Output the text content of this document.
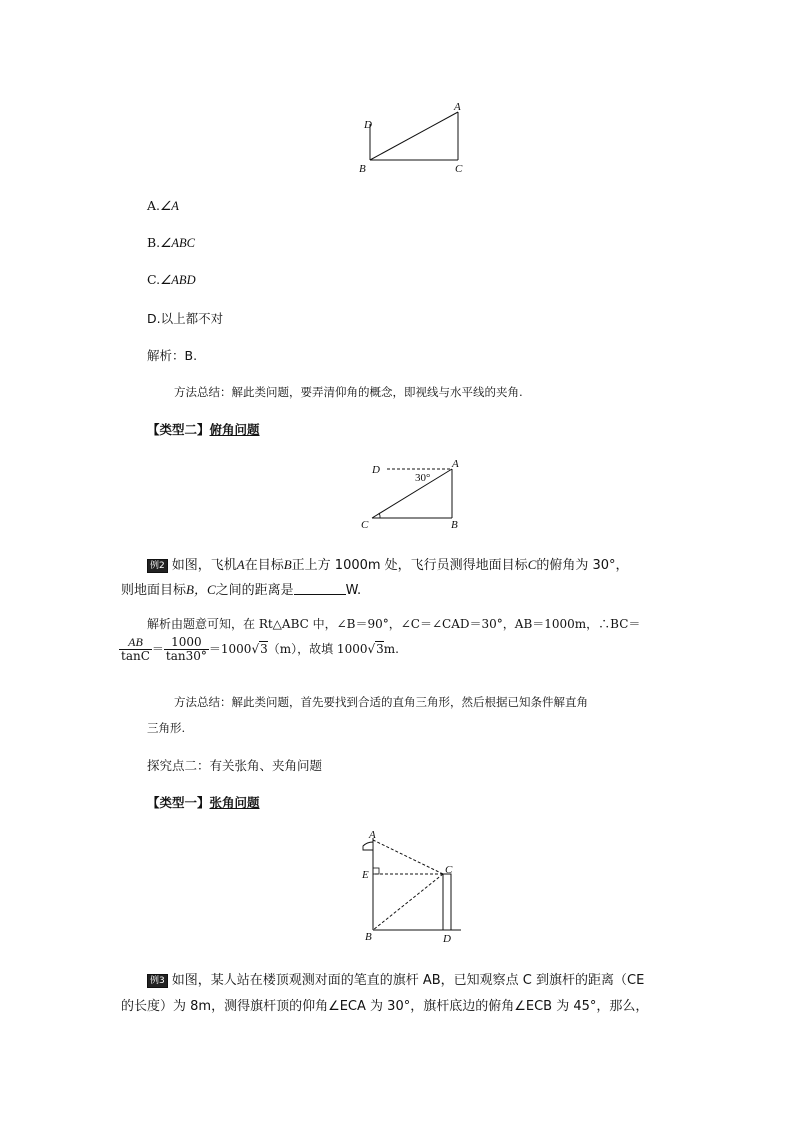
D
A
B	C
A.∠A
B.∠ABC
C.∠ABD
D.以上都不对
解析：B.
方法总结：解此类问题，要弄清仰角的概念，即视线与水平线的夹角.
【类型二】俯角问题
D	A
30°
C	B
例2 如图，飞机A在目标B正上方 1000m 处，飞行员测得地面目标C的俯角为 30°，
则地面目标B，C之间的距离是	W.
解析由题意可知，在 Rt△ABC 中，∠B＝90°，∠C＝∠CAD＝30°，AB＝1000m，∴BC＝
$\frac{AB}{\tan C} = \frac{1000}{\tan 30^\circ} =1000√3(m)$，故填 1000√3m.
方法总结：解此类问题，首先要找到合适的直角三角形，然后根据已知条件解直角
三角形.
探究点二：有关张角、夹角问题
【类型一】张角问题
A
C
E
B	D
例3 如图，某人站在楼顶观测对面的笔直的旗杆 AB，已知观察点 C 到旗杆的距离（CE
的长度）为 8m，测得旗杆顶的仰角∠ECA 为 30°，旗杆底边的俯角∠ECB 为 45°，那么，
